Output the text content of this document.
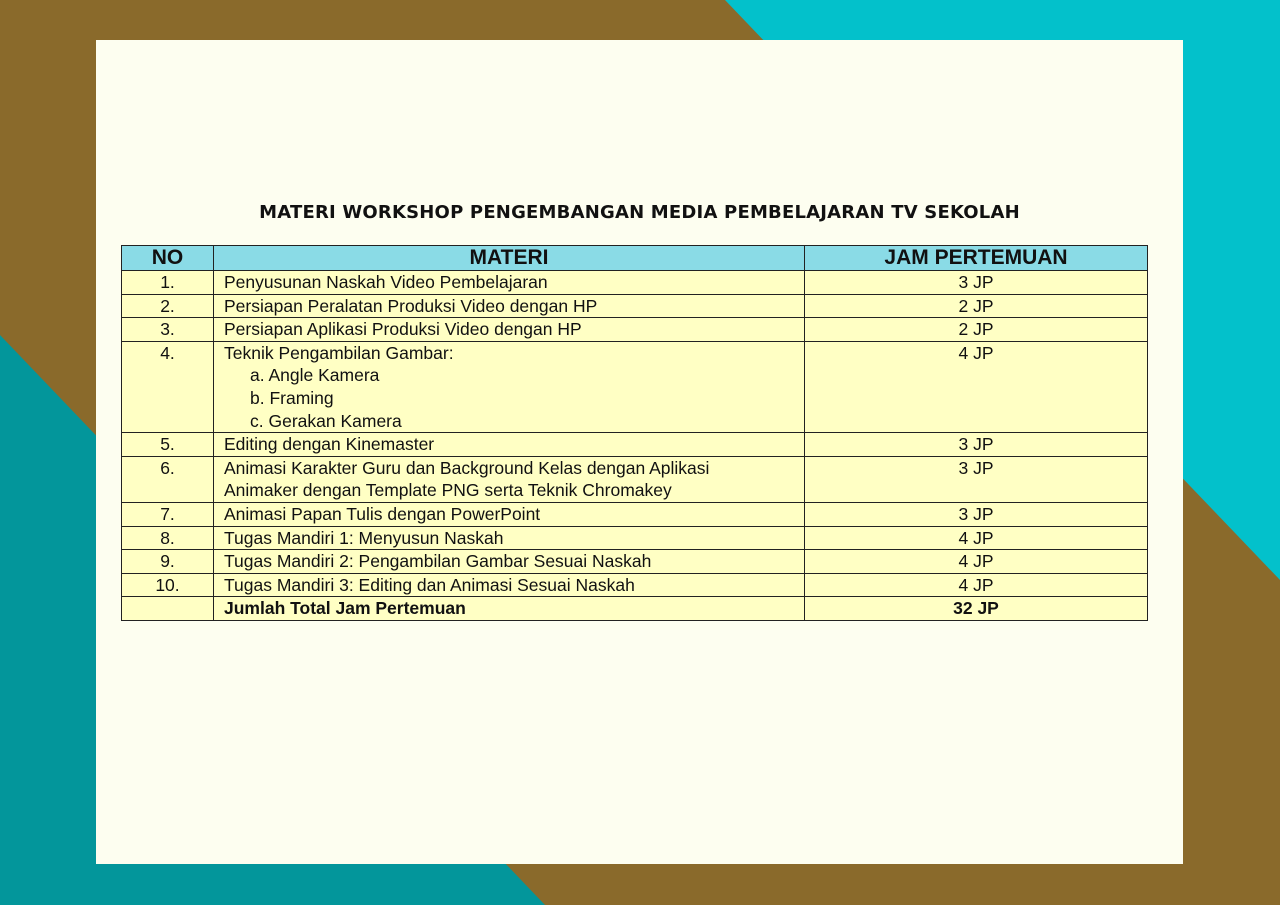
MATERI WORKSHOP PENGEMBANGAN MEDIA PEMBELAJARAN TV SEKOLAH
NO	MATERI	JAM PERTEMUAN
1.	Penyusunan Naskah Video Pembelajaran	3 JP
2.	Persiapan Peralatan Produksi Video dengan HP	2 JP
3.	Persiapan Aplikasi Produksi Video dengan HP	2 JP
4.	Teknik Pengambilan Gambar:
a. Angle Kamera
b. Framing
c. Gerakan Kamera	4 JP
5.	Editing dengan Kinemaster	3 JP
6.	Animasi Karakter Guru dan Background Kelas dengan Aplikasi
Animaker dengan Template PNG serta Teknik Chromakey	3 JP
7.	Animasi Papan Tulis dengan PowerPoint	3 JP
8.	Tugas Mandiri 1: Menyusun Naskah	4 JP
9.	Tugas Mandiri 2: Pengambilan Gambar Sesuai Naskah	4 JP
10.	Tugas Mandiri 3: Editing dan Animasi Sesuai Naskah	4 JP
	Jumlah Total Jam Pertemuan	32 JP
